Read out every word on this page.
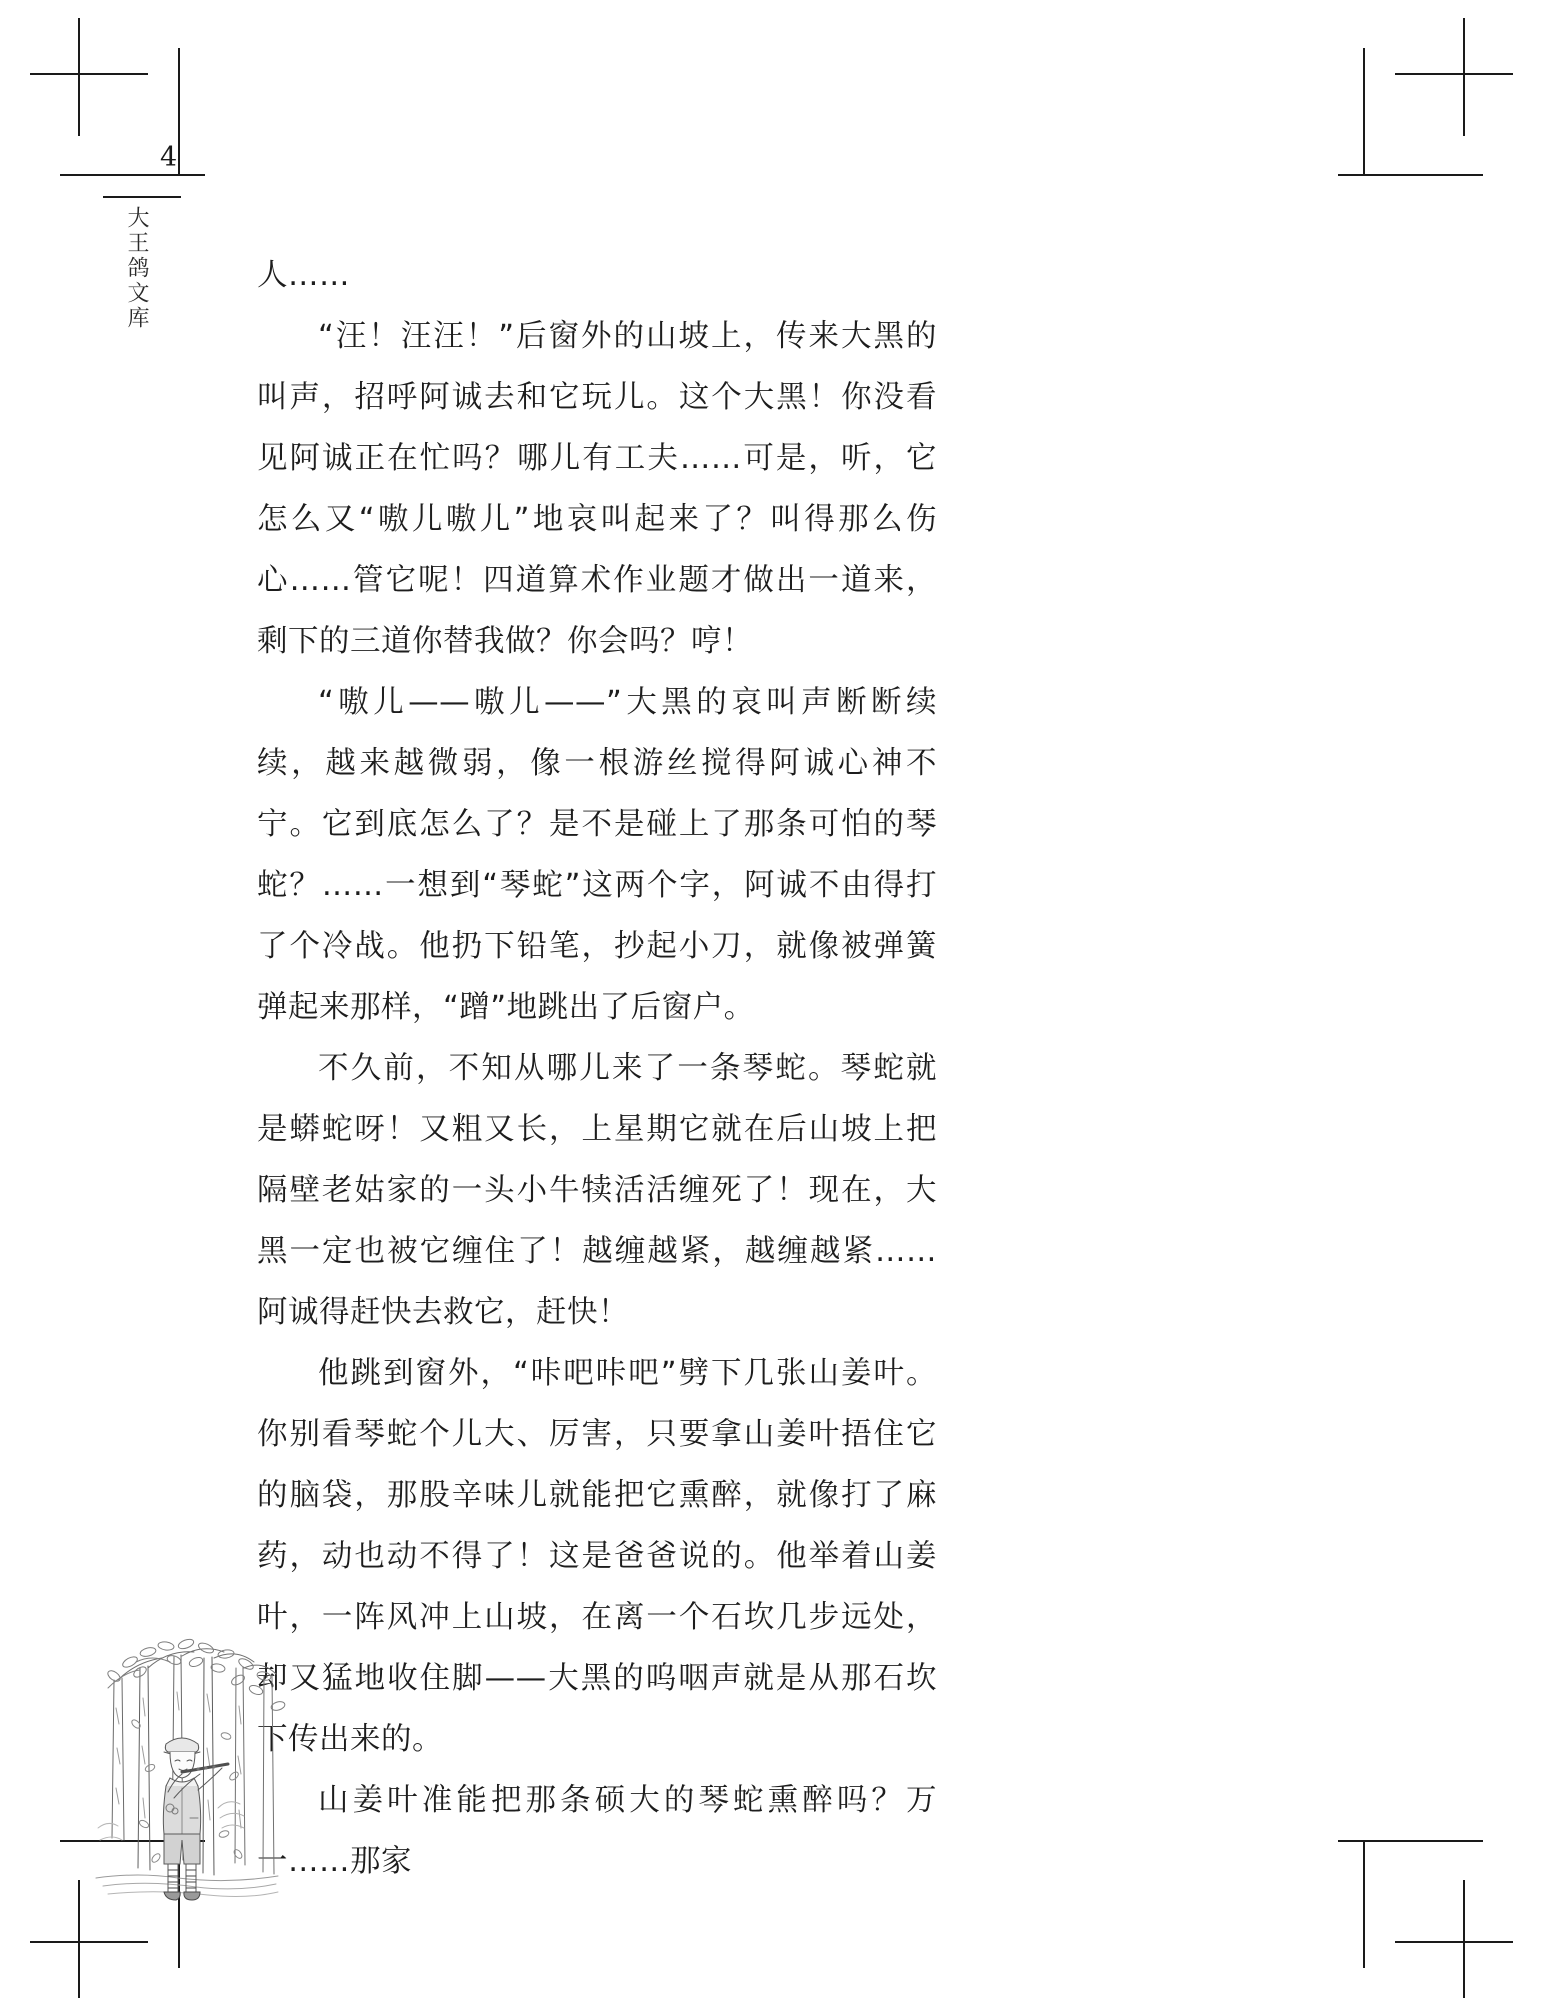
4
大王鸽文库	人……

“汪！汪汪！”后窗外的山坡上，传来大黑的叫声，招呼阿诚去和它玩儿。这个大黑！你没看见阿诚正在忙吗？哪儿有工夫……可是，听，它怎么又“嗷儿嗷儿”地哀叫起来了？叫得那么伤心……管它呢！四道算术作业题才做出一道来，剩下的三道你替我做？你会吗？哼！

“嗷儿——嗷儿——”大黑的哀叫声断断续续，越来越微弱，像一根游丝搅得阿诚心神不宁。它到底怎么了？是不是碰上了那条可怕的琴蛇？……一想到“琴蛇”这两个字，阿诚不由得打了个冷战。他扔下铅笔，抄起小刀，就像被弹簧弹起来那样，“蹭”地跳出了后窗户。

不久前，不知从哪儿来了一条琴蛇。琴蛇就是蟒蛇呀！又粗又长，上星期它就在后山坡上把隔壁老姑家的一头小牛犊活活缠死了！现在，大黑一定也被它缠住了！越缠越紧，越缠越紧……阿诚得赶快去救它，赶快！

他跳到窗外，“咔吧咔吧”劈下几张山姜叶。你别看琴蛇个儿大、厉害，只要拿山姜叶捂住它的脑袋，那股辛味儿就能把它熏醉，就像打了麻药，动也动不得了！这是爸爸说的。他举着山姜叶，一阵风冲上山坡，在离一个石坎几步远处，却又猛地收住脚——大黑的呜咽声就是从那石坎下传出来的。

山姜叶准能把那条硕大的琴蛇熏醉吗？万一……那家
